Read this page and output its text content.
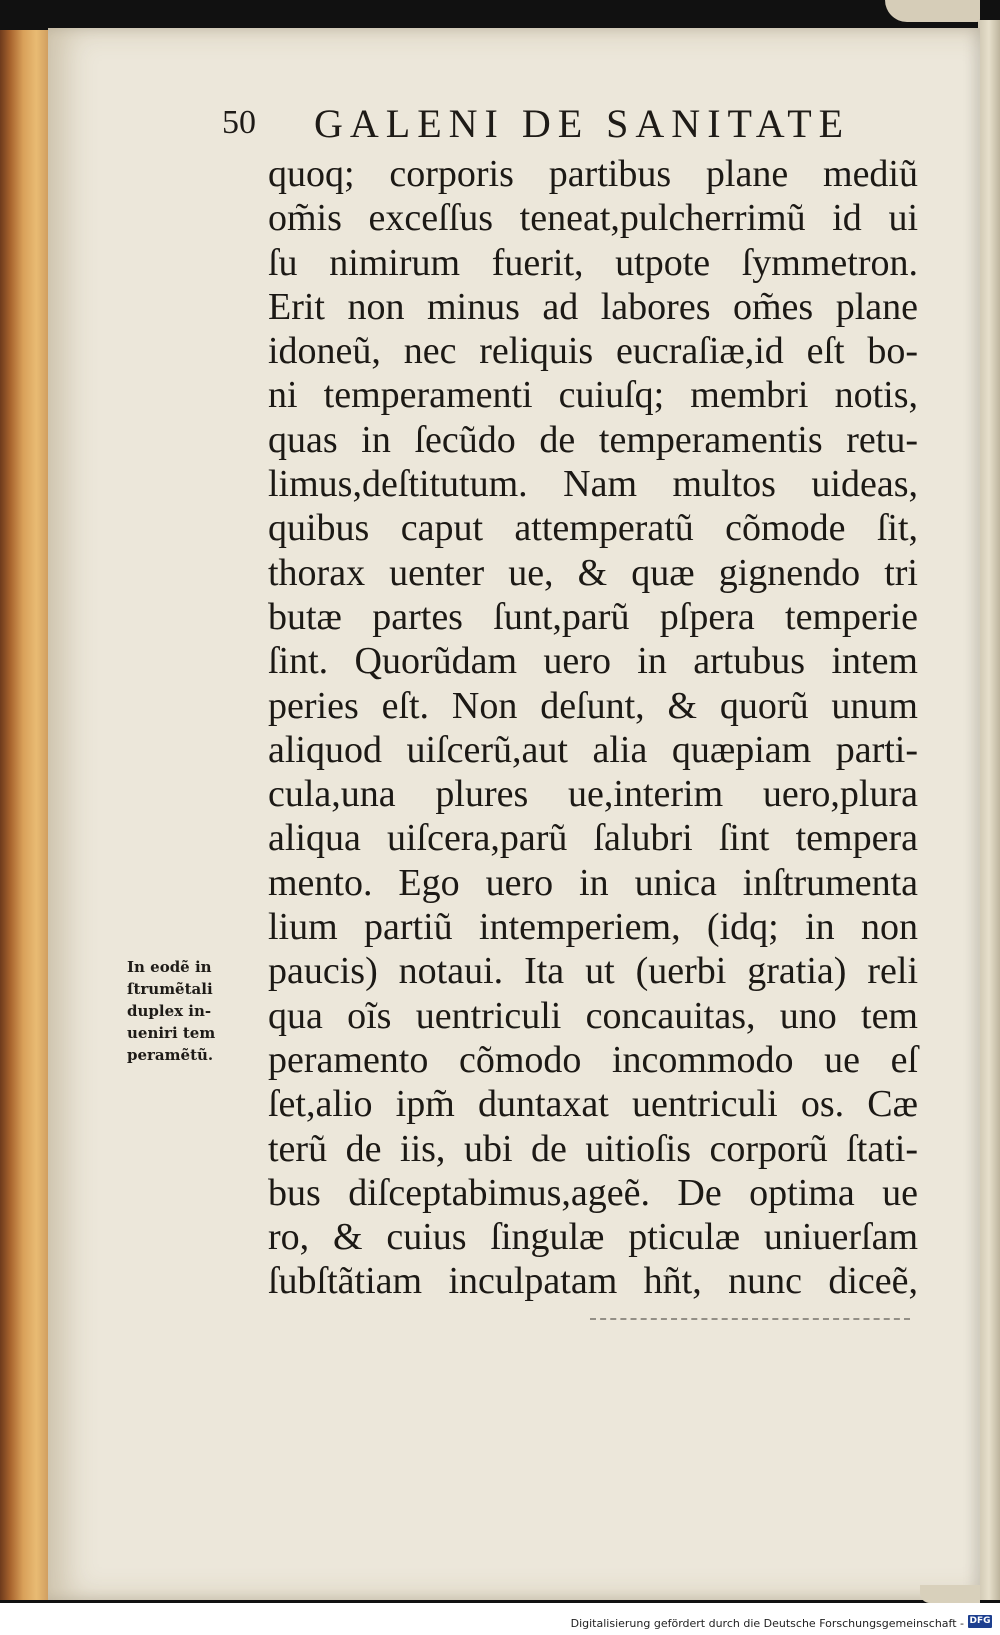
50 GALENI DE SANITATE
quoq; corporis partibus plane mediũ
om̃is exceſſus teneat,pulcherrimũ id ui
ſu nimirum fuerit, utpote ſymmetron.
Erit non minus ad labores om̃es plane
idoneũ, nec reliquis eucraſiæ,id eſt bo-
ni temperamenti cuiuſq; membri notis,
quas in ſecũdo de temperamentis retu-
limus,deſtitutum. Nam multos uideas,
quibus caput attemperatũ cõmode ſit,
thorax uenter ue, & quæ gignendo tri
butæ partes ſunt,parũ pſpera temperie
ſint. Quorũdam uero in artubus intem
peries eſt. Non deſunt, & quorũ unum
aliquod uiſcerũ,aut alia quæpiam parti-
cula,una plures ue,interim uero,plura
aliqua uiſcera,parũ ſalubri ſint tempera
mento. Ego uero in unica inſtrumenta
lium partiũ intemperiem, (idq; in non
paucis) notaui. Ita ut (uerbi gratia) reli
qua oĩs uentriculi concauitas, uno tem
peramento cõmodo incommodo ue eſ
ſet,alio ipm̃ duntaxat uentriculi os. Cæ
terũ de iis, ubi de uitioſis corporũ ſtati-
bus diſceptabimus,ageẽ. De optima ue
ro, & cuius ſingulæ pticulæ uniuerſam
ſubſtãtiam inculpatam hñt, nunc diceẽ,
In eodẽ in
ſtrumẽtali
duplex in-
ueniri tem
peramẽtũ.
Digitalisierung gefördert durch die Deutsche Forschungsgemeinschaft - DFG
